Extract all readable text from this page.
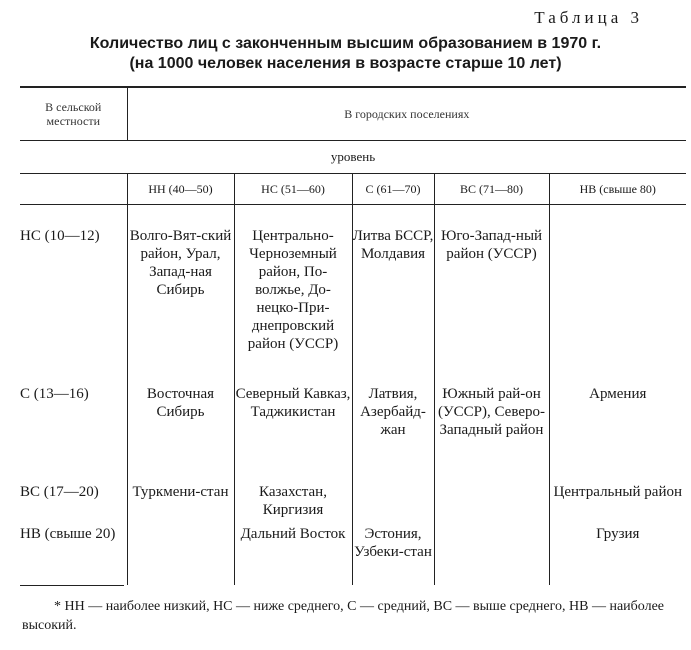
Таблица 3
Количество лиц с законченным высшим образованием в 1970 г.
(на 1000 человек населения в возрасте старше 10 лет)
В сельской местности	В городских поселениях				
уровень					
	НН (40—50)	НС (51—60)	С (61—70)	ВС (71—80)	НВ (свыше 80)
НС (10—12)	Волго-Вят-ский район, Урал, Запад-ная Сибирь	Центрально-Черноземный район, По-волжье, До-нецко-При-днепровский район (УССР)	Литва БССР, Молдавия	Юго-Запад-ный район (УССР)	
С (13—16)	Восточная Сибирь	Северный Кавказ, Таджикистан	Латвия, Азербайд-жан	Южный рай-он (УССР), Северо-Западный район	Армения
ВС (17—20)	Туркмени-стан	Казахстан, Киргизия			Центральный район
НВ (свыше 20)		Дальний Восток	Эстония, Узбеки-стан		Грузия
* НН — наиболее низкий, НС — ниже среднего, С — средний, ВС — выше среднего, НВ — наиболее высокий.
